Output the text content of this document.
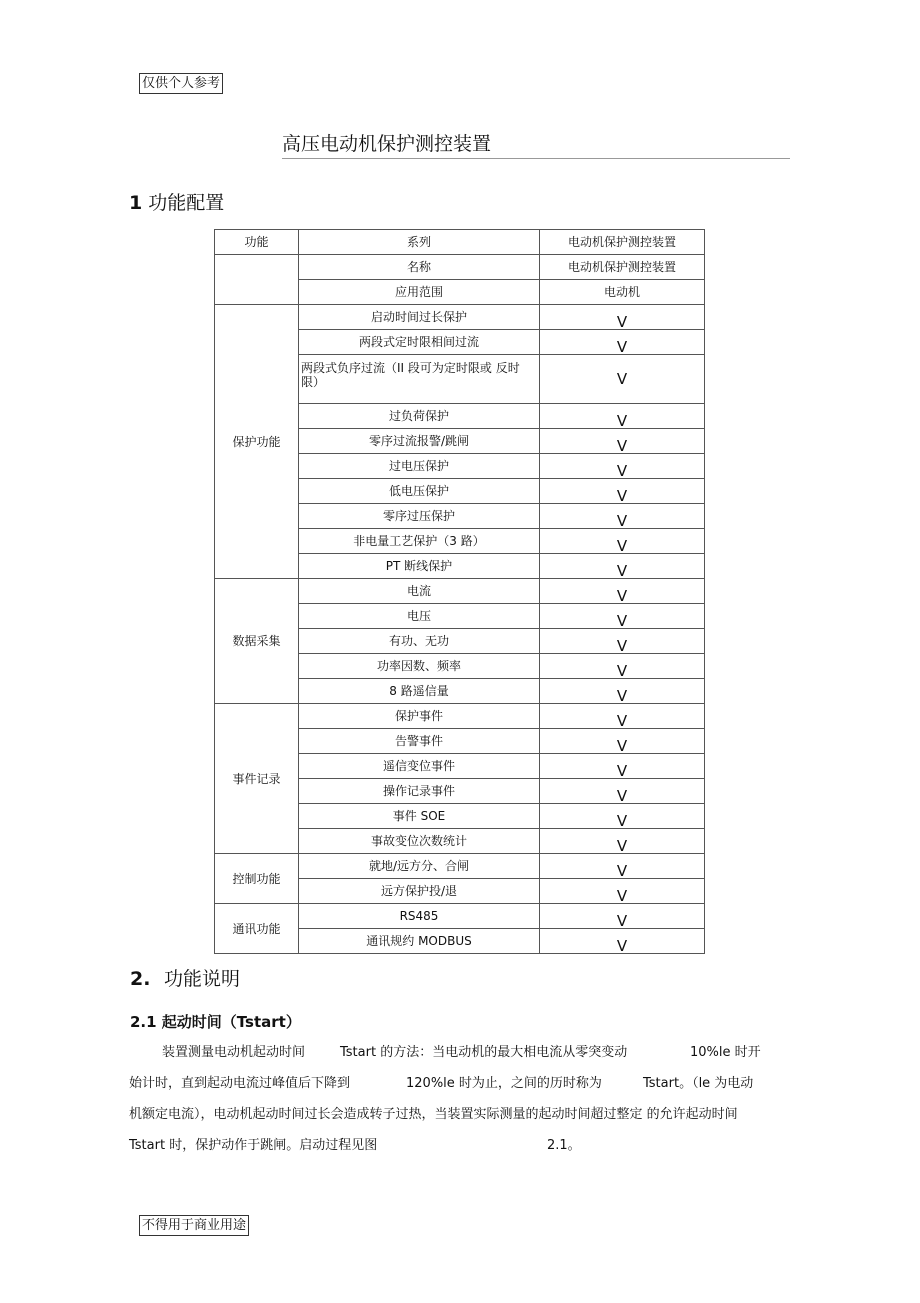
仅供个人参考
高压电动机保护测控装置
1 功能配置
功能	系列	电动机保护测控装置
	名称	电动机保护测控装置
	应用范围	电动机
保护功能	启动时间过长保护	V
	两段式定时限相间过流	V
	两段式负序过流（II 段可为定时限或 反时限）	V
	过负荷保护	V
	零序过流报警/跳闸	V
	过电压保护	V
	低电压保护	V
	零序过压保护	V
	非电量工艺保护（3 路）	V
	PT 断线保护	V
数据采集	电流	V
	电压	V
	有功、无功	V
	功率因数、频率	V
	8 路遥信量	V
事件记录	保护事件	V
	告警事件	V
	遥信变位事件	V
	操作记录事件	V
	事件 SOE	V
	事故变位次数统计	V
控制功能	就地/远方分、合闸	V
	远方保护投/退	V
通讯功能	RS485	V
	通讯规约 MODBUS	V
2. 功能说明
2.1 起动时间（Tstart）
装置测量电动机起动时间	Tstart 的方法：当电动机的最大相电流从零突变动	10%le 时开
始计时，直到起动电流过峰值后下降到	120%le 时为止，之间的历时称为	Tstart。（le 为电动
机额定电流），电动机起动时间过长会造成转子过热，当装置实际测量的起动时间超过整定 的允许起动时间
Tstart 时，保护动作于跳闸。启动过程见图	2.1。
不得用于商业用途
